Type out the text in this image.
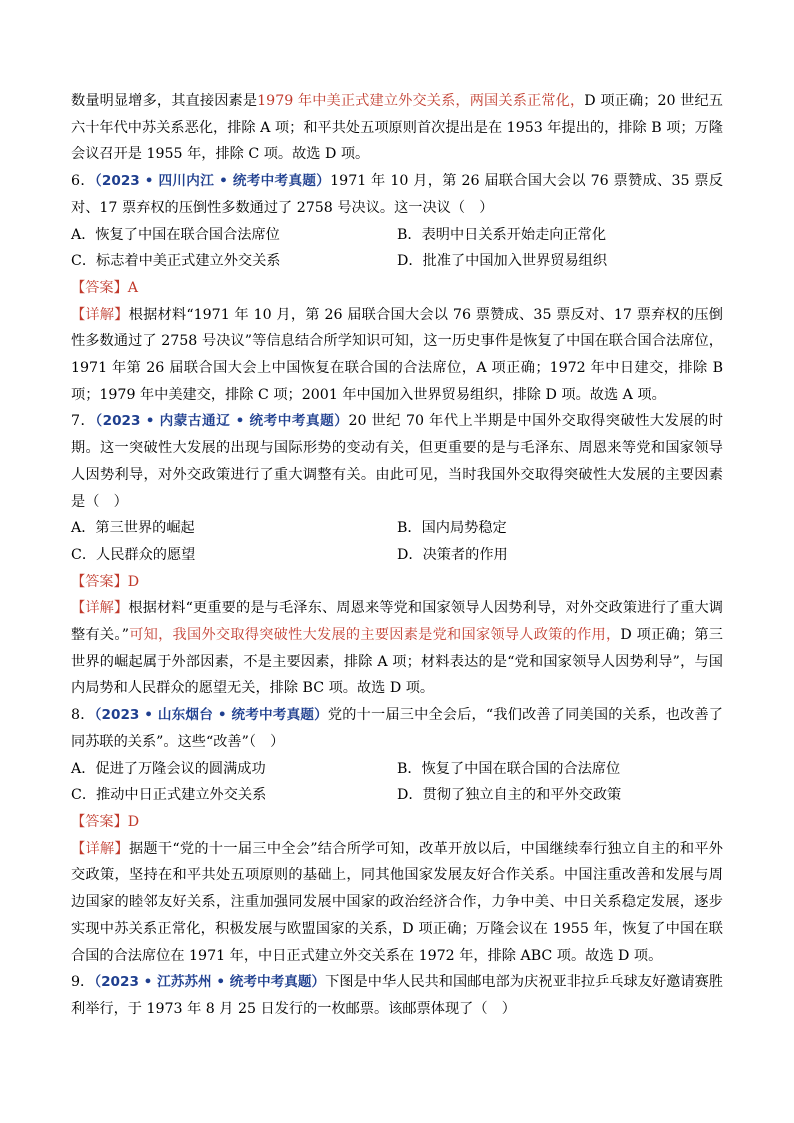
数量明显增多，其直接因素是1979 年中美正式建立外交关系，两国关系正常化，D 项正确；20 世纪五六十年代中苏关系恶化，排除 A 项；和平共处五项原则首次提出是在 1953 年提出的，排除 B 项；万隆会议召开是 1955 年，排除 C 项。故选 D 项。

6．（2023 • 四川内江 • 统考中考真题）1971 年 10 月，第 26 届联合国大会以 76 票赞成、35 票反对、17 票弃权的压倒性多数通过了 2758 号决议。这一决议（　）

A．恢复了中国在联合国合法席位	B．表明中日关系开始走向正常化
C．标志着中美正式建立外交关系	D．批准了中国加入世界贸易组织

【答案】A

【详解】根据材料“1971 年 10 月，第 26 届联合国大会以 76 票赞成、35 票反对、17 票弃权的压倒性多数通过了 2758 号决议”等信息结合所学知识可知，这一历史事件是恢复了中国在联合国合法席位，1971 年第 26 届联合国大会上中国恢复在联合国的合法席位，A 项正确；1972 年中日建交，排除 B 项；1979 年中美建交，排除 C 项；2001 年中国加入世界贸易组织，排除 D 项。故选 A 项。

7．（2023 • 内蒙古通辽 • 统考中考真题）20 世纪 70 年代上半期是中国外交取得突破性大发展的时期。这一突破性大发展的出现与国际形势的变动有关，但更重要的是与毛泽东、周恩来等党和国家领导人因势利导，对外交政策进行了重大调整有关。由此可见，当时我国外交取得突破性大发展的主要因素是（　）

A．第三世界的崛起	B．国内局势稳定
C．人民群众的愿望	D．决策者的作用

【答案】D

【详解】根据材料“更重要的是与毛泽东、周恩来等党和国家领导人因势利导，对外交政策进行了重大调整有关。”可知，我国外交取得突破性大发展的主要因素是党和国家领导人政策的作用，D 项正确；第三世界的崛起属于外部因素，不是主要因素，排除 A 项；材料表达的是“党和国家领导人因势利导”，与国内局势和人民群众的愿望无关，排除 BC 项。故选 D 项。

8．（2023 • 山东烟台 • 统考中考真题）党的十一届三中全会后，“我们改善了同美国的关系，也改善了同苏联的关系”。这些“改善”（　）

A．促进了万隆会议的圆满成功	B．恢复了中国在联合国的合法席位
C．推动中日正式建立外交关系	D．贯彻了独立自主的和平外交政策

【答案】D

【详解】据题干“党的十一届三中全会”结合所学可知，改革开放以后，中国继续奉行独立自主的和平外交政策，坚持在和平共处五项原则的基础上，同其他国家发展友好合作关系。中国注重改善和发展与周边国家的睦邻友好关系，注重加强同发展中国家的政治经济合作，力争中美、中日关系稳定发展，逐步实现中苏关系正常化，积极发展与欧盟国家的关系，D 项正确；万隆会议在 1955 年，恢复了中国在联合国的合法席位在 1971 年，中日正式建立外交关系在 1972 年，排除 ABC 项。故选 D 项。

9．（2023 • 江苏苏州 • 统考中考真题）下图是中华人民共和国邮电部为庆祝亚非拉乒乓球友好邀请赛胜利举行，于 1973 年 8 月 25 日发行的一枚邮票。该邮票体现了（　）
